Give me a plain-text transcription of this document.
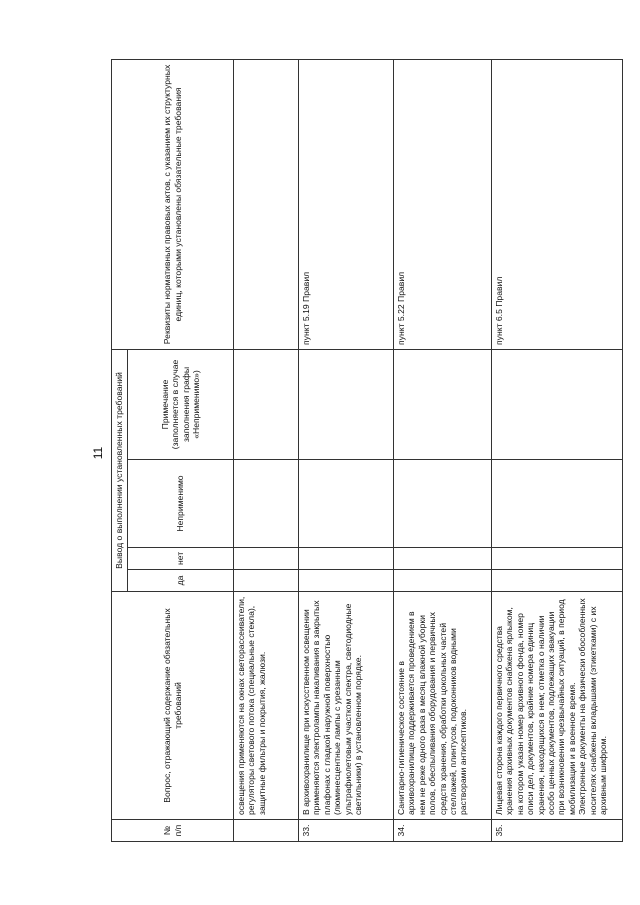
11
№ п/п	Вопрос, отражающий содержание обязательных требований	Вывод о выполнении установленных требований				Реквизиты нормативных правовых актов, с указанием их структурных единиц, которыми установлены обязательные требования
		да	нет	Неприменимо	Примечание (заполняется в случае заполнения графы «Неприменимо»)	

	освещения применяются на окнах светорассеиватели, регуляторы светового потока (специальные стекла), защитные фильтры и покрытия, жалюзи.					
33.	В архивохранилище при искусственном освещении применяются электролампы накаливания в закрытых плафонах с гладкой наружной поверхностью (люминесцентные лампы с урезанным ультрафиолетовым участком спектра, светодиодные светильники) в установленном порядке.					пункт 5.19 Правил
34.	Санитарно-гигиеническое состояние в архивохранилище поддерживается проведением в нем не реже одного раза в месяц влажной уборки полов, обеспыливания оборудования и первичных средств хранения, обработки цокольных частей стеллажей, плинтусов, подоконников водными растворами антисептиков.					пункт 5.22 Правил
35.	Лицевая сторона каждого первичного средства хранения архивных документов снабжена ярлыком, на котором указан номер архивного фонда, номер описи дел, документов, крайние номера единиц хранения, находящихся в нем; отметка о наличии особо ценных документов, подлежащих эвакуации при возникновении чрезвычайных ситуаций, в период мобилизации и в военное время.
Электронные документы на физически обособленных носителях снабжены вкладышами (этикетками) с их архивным шифром.					пункт 6.5 Правил
